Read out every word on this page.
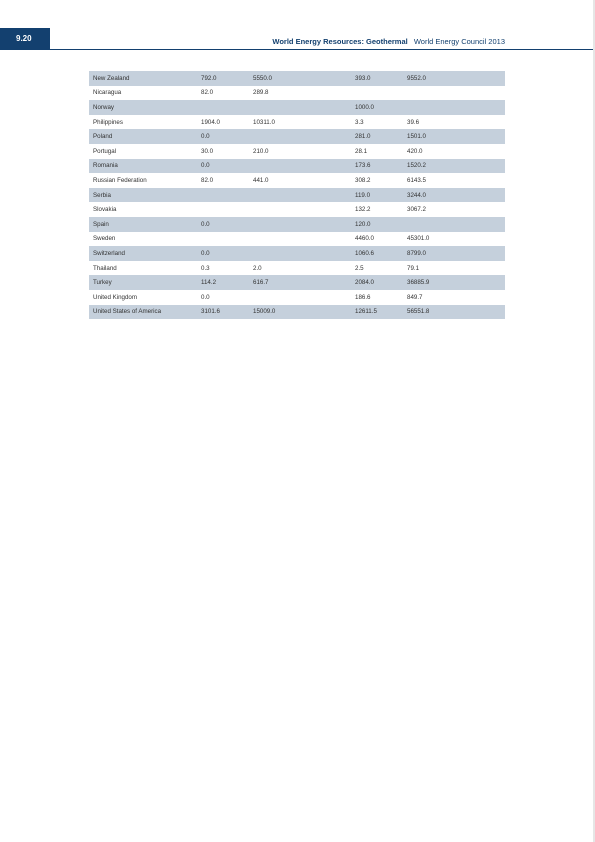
9.20	World Energy Resources: Geothermal World Energy Council 2013
New Zealand	792.0	5550.0	393.0	9552.0
Nicaragua	82.0	289.8		
Norway			1000.0	
Philippines	1904.0	10311.0	3.3	39.6
Poland	0.0		281.0	1501.0
Portugal	30.0	210.0	28.1	420.0
Romania	0.0		173.6	1520.2
Russian Federation	82.0	441.0	308.2	6143.5
Serbia			119.0	3244.0
Slovakia			132.2	3067.2
Spain	0.0		120.0	
Sweden			4460.0	45301.0
Switzerland	0.0		1060.6	8799.0
Thailand	0.3	2.0	2.5	79.1
Turkey	114.2	616.7	2084.0	36885.9
United Kingdom	0.0		186.6	849.7
United States of America	3101.6	15009.0	12611.5	56551.8
